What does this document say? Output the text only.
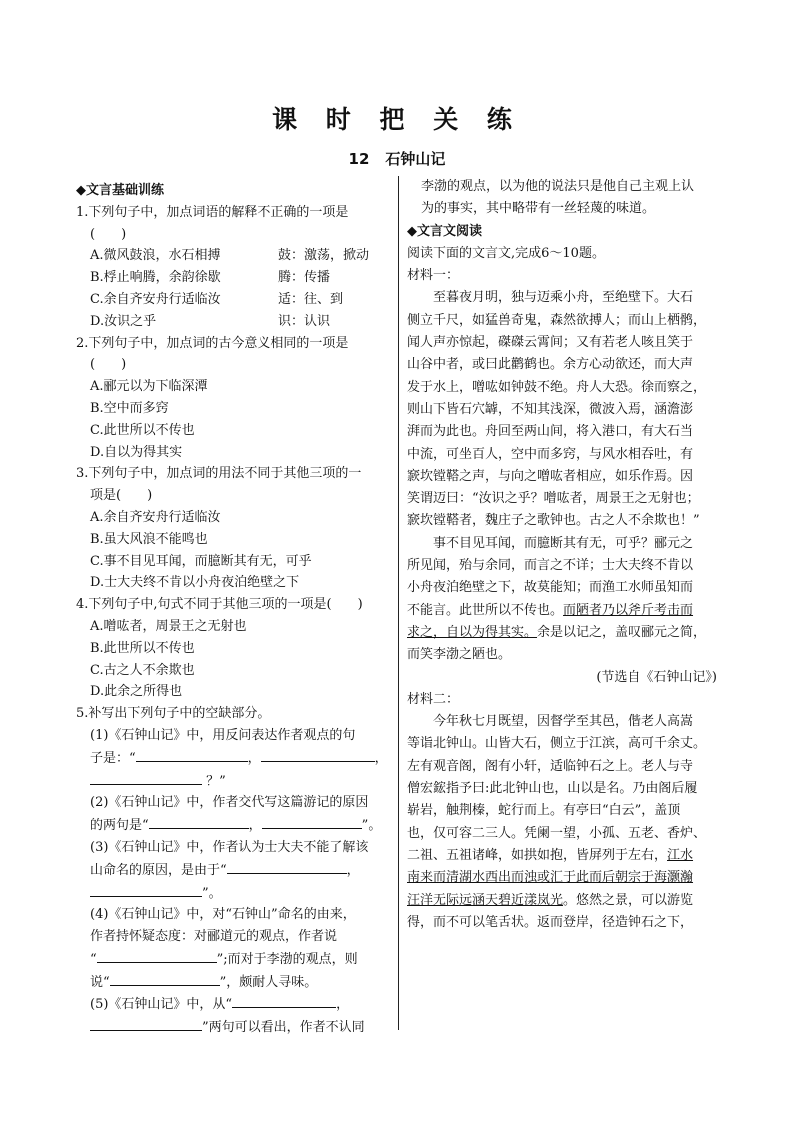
课 时 把 关 练
12 石钟山记
◆文言基础训练
1.下列句子中，加点词语的解释不正确的一项是
(　　)
A.微风鼓浪，水石相搏	鼓：激荡，掀动
B.桴止响腾，余韵徐歇	腾：传播
C.余自齐安舟行适临汝	适：往、到
D.汝识之乎	识：认识
2.下列句子中，加点词的古今意义相同的一项是
(　　)
A.郦元以为下临深潭
B.空中而多窍
C.此世所以不传也
D.自以为得其实
3.下列句子中，加点词的用法不同于其他三项的一
项是(　　)
A.余自齐安舟行适临汝
B.虽大风浪不能鸣也
C.事不目见耳闻，而臆断其有无，可乎
D.士大夫终不肯以小舟夜泊绝壁之下
4.下列句子中,句式不同于其他三项的一项是(　　)
A.噌吰者，周景王之无射也
B.此世所以不传也
C.古之人不余欺也
D.此余之所得也
5.补写出下列句子中的空缺部分。
(1)《石钟山记》中，用反问表达作者观点的句
子是：“	，	，
？”
(2)《石钟山记》中，作者交代写这篇游记的原因
的两句是“	，	”。
(3)《石钟山记》中，作者认为士大夫不能了解该
山命名的原因，是由于“	，
”。
(4)《石钟山记》中，对“石钟山”命名的由来，
作者持怀疑态度：对郦道元的观点，作者说
“	”;而对于李渤的观点，则
说“	”，颇耐人寻味。
(5)《石钟山记》中，从“	，
”两句可以看出，作者不认同
李渤的观点，以为他的说法只是他自己主观上认
为的事实，其中略带有一丝轻蔑的味道。
◆文言文阅读
阅读下面的文言文,完成6～10题。
材料一：
至暮夜月明，独与迈乘小舟，至绝壁下。大石
侧立千尺，如猛兽奇鬼，森然欲搏人；而山上栖鹘，
闻人声亦惊起，磔磔云霄间；又有若老人咳且笑于
山谷中者，或曰此鹳鹤也。余方心动欲还，而大声
发于水上，噌吰如钟鼓不绝。舟人大恐。徐而察之，
则山下皆石穴罅，不知其浅深，微波入焉，涵澹澎
湃而为此也。舟回至两山间，将入港口，有大石当
中流，可坐百人，空中而多窍，与风水相吞吐，有
窾坎镗鞳之声，与向之噌吰者相应，如乐作焉。因
笑谓迈曰：“汝识之乎？噌吰者，周景王之无射也；
窾坎镗鞳者，魏庄子之歌钟也。古之人不余欺也！”
事不目见耳闻，而臆断其有无，可乎？郦元之
所见闻，殆与余同，而言之不详；士大夫终不肯以
小舟夜泊绝壁之下，故莫能知；而渔工水师虽知而
不能言。此世所以不传也。而陋者乃以斧斤考击而
求之，自以为得其实。余是以记之，盖叹郦元之简，
而笑李渤之陋也。
(节选自《石钟山记》)
材料二：
今年秋七月既望，因督学至其邑，偕老人高嵩
等诣北钟山。山皆大石，侧立于江滨，高可千余丈。
左有观音阁，阁有小轩，适临钟石之上。老人与寺
僧宏鋐指予曰:此北钟山也，山以是名。乃由阁后履
崭岩，触荆榛，蛇行而上。有亭曰“白云”，盖顶
也，仅可容二三人。凭阑一望，小孤、五老、香炉、
二祖、五祖诸峰，如拱如抱，皆屏列于左右，江水
南来而清湖水西出而浊或汇于此而后朝宗于海灏瀚
汪洋无际远涵天碧近漾岚光。悠然之景，可以游览
得，而不可以笔舌状。返而登岸，径造钟石之下，
